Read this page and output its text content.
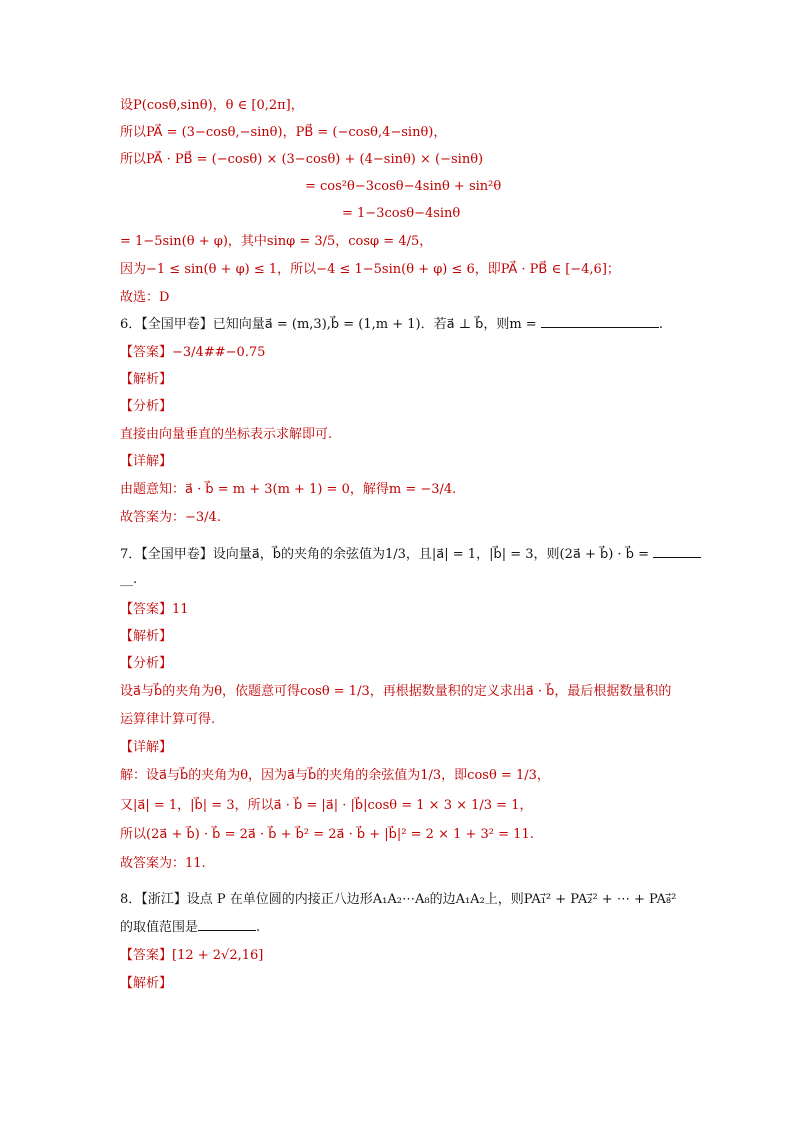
设P(cosθ,sinθ)，θ ∈ [0,2π]，
所以PA⃗ = (3−cosθ,−sinθ)，PB⃗ = (−cosθ,4−sinθ)，
所以PA⃗ · PB⃗ = (−cosθ) × (3−cosθ) + (4−sinθ) × (−sinθ)
= cos²θ−3cosθ−4sinθ + sin²θ
= 1−3cosθ−4sinθ
= 1−5sin(θ + φ)，其中sinφ = 3/5，cosφ = 4/5，
因为−1 ≤ sin(θ + φ) ≤ 1，所以−4 ≤ 1−5sin(θ + φ) ≤ 6，即PA⃗ · PB⃗ ∈ [−4,6]；
故选：D
6．【全国甲卷】已知向量a⃗ = (m,3),b⃗ = (1,m + 1)．若a⃗ ⊥ b⃗，则m =	.
【答案】−3/4##−0.75
【解析】
【分析】
直接由向量垂直的坐标表示求解即可.
【详解】
由题意知：a⃗ · b⃗ = m + 3(m + 1) = 0，解得m = −3/4.
故答案为：−3/4.
7．【全国甲卷】设向量a⃗，b⃗的夹角的余弦值为1/3，且|a⃗| = 1，|b⃗| = 3，则(2a⃗ + b⃗) · b⃗ =
__.
【答案】11
【解析】
【分析】
设a⃗与b⃗的夹角为θ，依题意可得cosθ = 1/3，再根据数量积的定义求出a⃗ · b⃗，最后根据数量积的
运算律计算可得.
【详解】
解：设a⃗与b⃗的夹角为θ，因为a⃗与b⃗的夹角的余弦值为1/3，即cosθ = 1/3，
又|a⃗| = 1，|b⃗| = 3，所以a⃗ · b⃗ = |a⃗| · |b⃗|cosθ = 1 × 3 × 1/3 = 1，
所以(2a⃗ + b⃗) · b⃗ = 2a⃗ · b⃗ + b⃗² = 2a⃗ · b⃗ + |b⃗|² = 2 × 1 + 3² = 11.
故答案为：11.
8．【浙江】设点 P 在单位圆的内接正八边形A₁A₂⋯A₈的边A₁A₂上，则PA₁⃗² + PA₂⃗² + ⋯ + PA₈⃗²
的取值范围是	.
【答案】[12 + 2√2,16]
【解析】
